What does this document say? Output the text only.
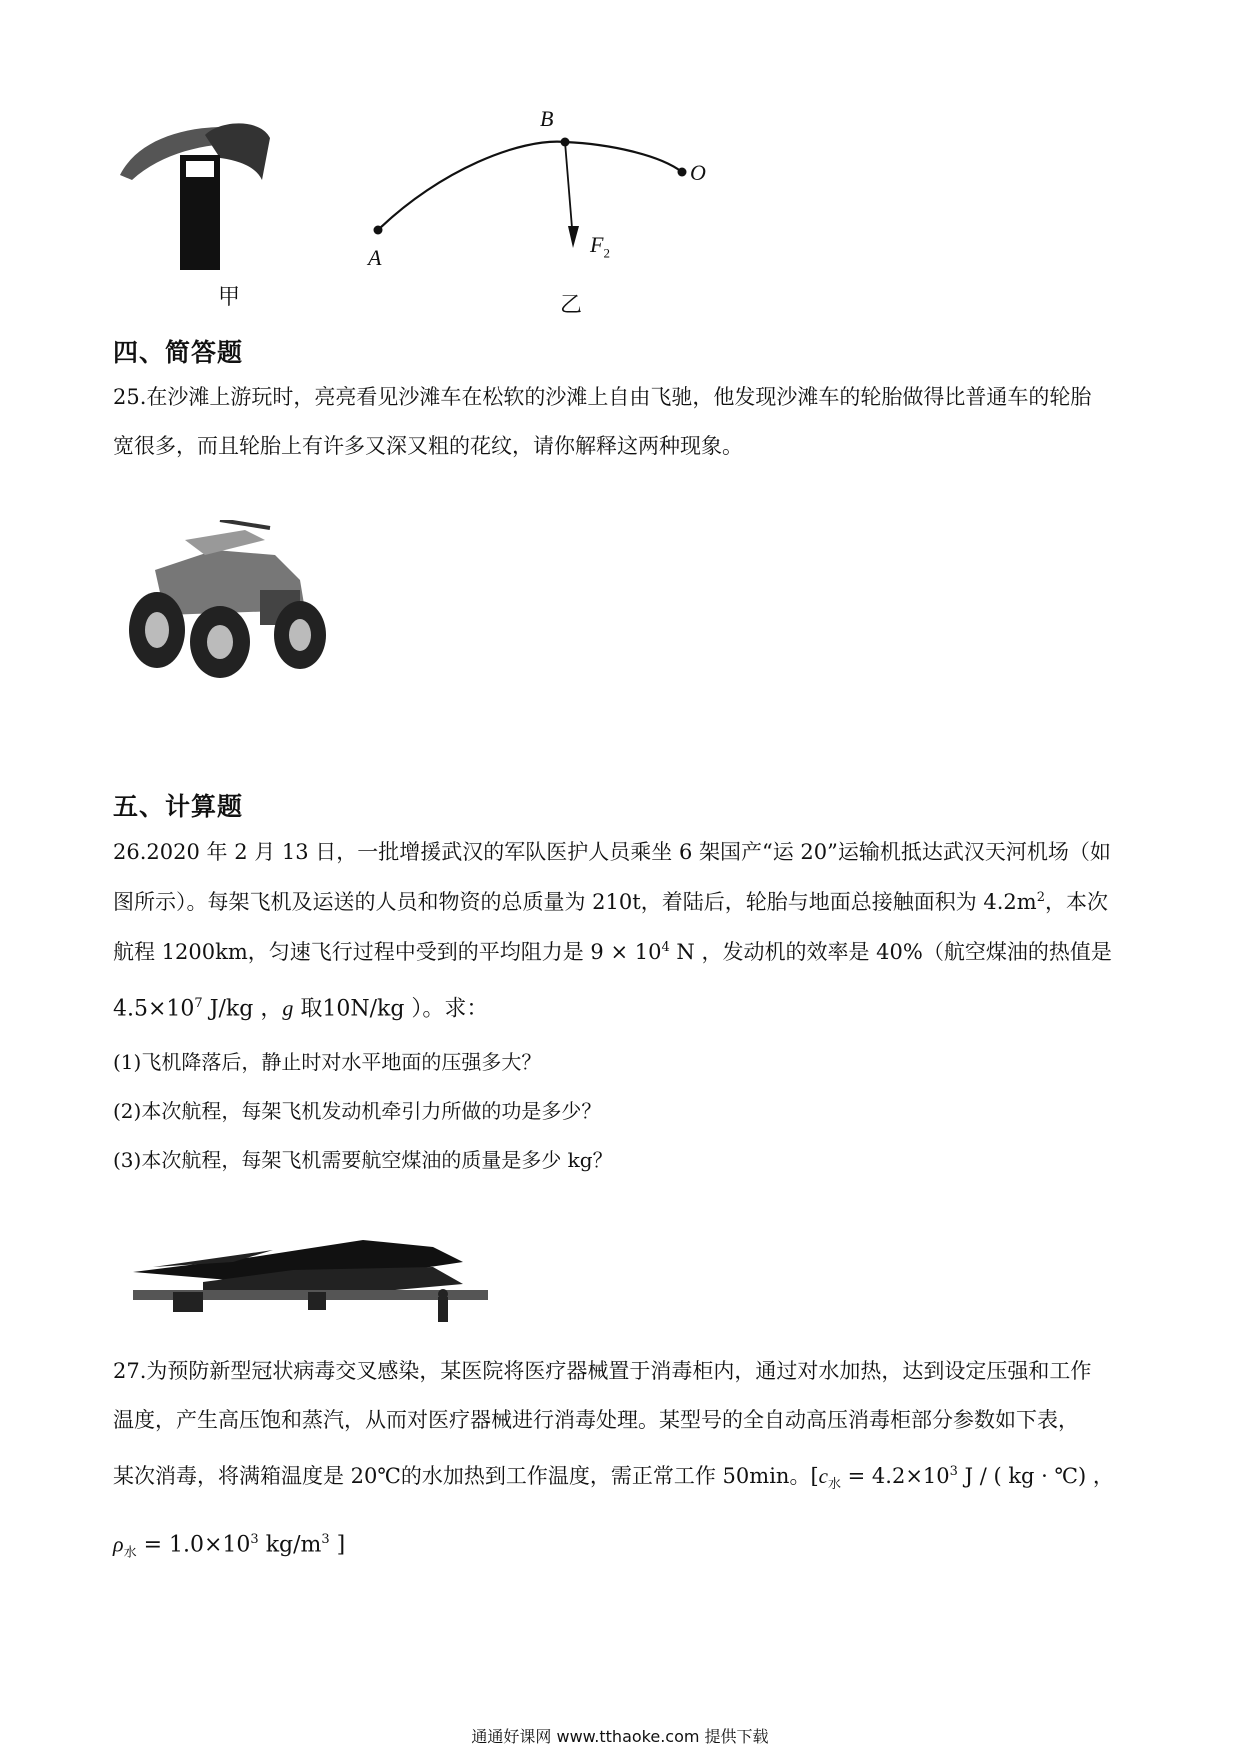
甲
B
A
O
$F_2$
乙
四、简答题
25.在沙滩上游玩时，亮亮看见沙滩车在松软的沙滩上自由飞驰，他发现沙滩车的轮胎做得比普通车的轮胎
宽很多，而且轮胎上有许多又深又粗的花纹，请你解释这两种现象。
五、计算题
26.2020 年 2 月 13 日，一批增援武汉的军队医护人员乘坐 6 架国产“运 20”运输机抵达武汉天河机场（如
图所示）。每架飞机及运送的人员和物资的总质量为 210t，着陆后，轮胎与地面总接触面积为 $4.2m^2$，本次
航程 1200km，匀速飞行过程中受到的平均阻力是 $9 \times 10^4$ N ，发动机的效率是 40%（航空煤油的热值是
$4.5\times 10^7$ J/kg ，g 取10N/kg ）。求：
(1)飞机降落后，静止时对水平地面的压强多大？
(2)本次航程，每架飞机发动机牵引力所做的功是多少？
(3)本次航程，每架飞机需要航空煤油的质量是多少 kg？
27.为预防新型冠状病毒交叉感染，某医院将医疗器械置于消毒柜内，通过对水加热，达到设定压强和工作
温度，产生高压饱和蒸汽，从而对医疗器械进行消毒处理。某型号的全自动高压消毒柜部分参数如下表，
某次消毒，将满箱温度是 20℃的水加热到工作温度，需正常工作 50min。[$c_水 = 4.2\times 10^3$ J / ( kg · ℃) ，
$\rho_水 = 1.0\times 10^3$ $kg/m^3$ ]
通通好课网 www.tthaoke.com 提供下载
